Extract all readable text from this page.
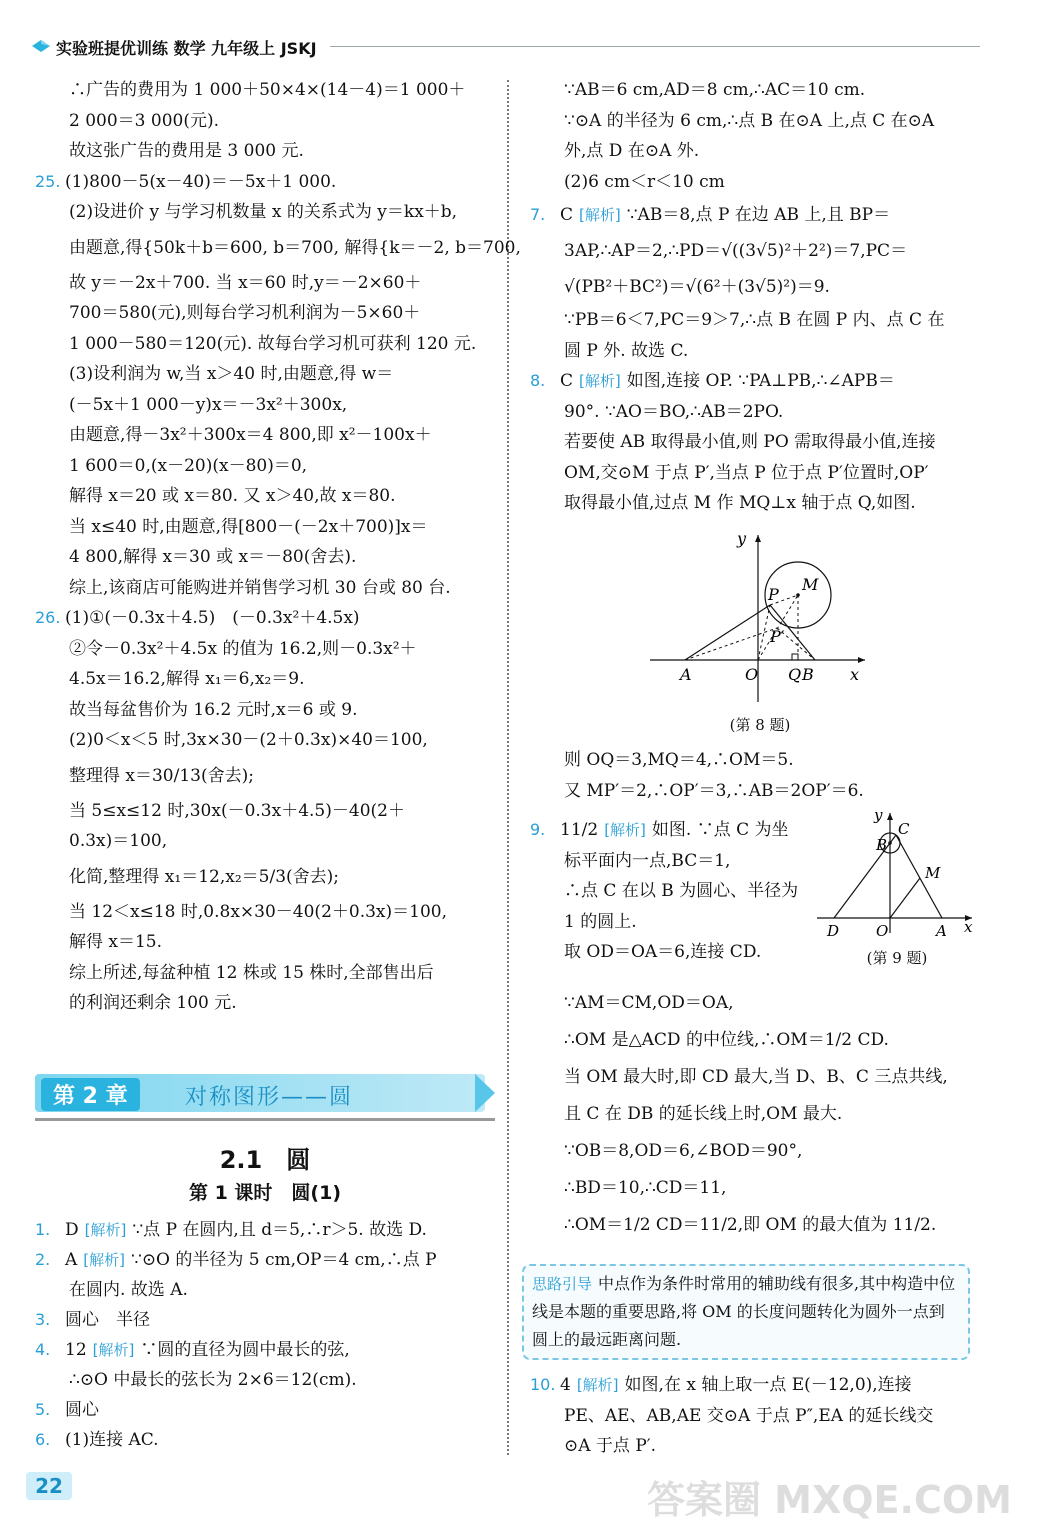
实验班提优训练 数学 九年级上 JSKJ
∴广告的费用为 1 000＋50×4×(14－4)＝1 000＋
2 000＝3 000(元).
故这张广告的费用是 3 000 元.
25. (1)800－5(x－40)＝－5x＋1 000.
(2)设进价 y 与学习机数量 x 的关系式为 y＝kx＋b,
由题意,得{50k＋b＝600, b＝700, 解得{k＝－2, b＝700,
故 y＝－2x＋700. 当 x＝60 时,y＝－2×60＋
700＝580(元),则每台学习机利润为－5×60＋
1 000－580＝120(元). 故每台学习机可获利 120 元.
(3)设利润为 w,当 x＞40 时,由题意,得 w＝
(－5x＋1 000－y)x＝－3x²＋300x,
由题意,得－3x²＋300x＝4 800,即 x²－100x＋
1 600＝0,(x－20)(x－80)＝0,
解得 x＝20 或 x＝80. 又 x＞40,故 x＝80.
当 x≤40 时,由题意,得[800－(－2x＋700)]x＝
4 800,解得 x＝30 或 x＝－80(舍去).
综上,该商店可能购进并销售学习机 30 台或 80 台.
26. (1)①(－0.3x＋4.5)　(－0.3x²＋4.5x)
②令－0.3x²＋4.5x 的值为 16.2,则－0.3x²＋
4.5x＝16.2,解得 x₁＝6,x₂＝9.
故当每盆售价为 16.2 元时,x＝6 或 9.
(2)0＜x＜5 时,3x×30－(2＋0.3x)×40＝100,
整理得 x＝30/13(舍去);
当 5≤x≤12 时,30x(－0.3x＋4.5)－40(2＋
0.3x)＝100,
化简,整理得 x₁＝12,x₂＝5/3(舍去);
当 12＜x≤18 时,0.8x×30－40(2＋0.3x)＝100,
解得 x＝15.
综上所述,每盆种植 12 株或 15 株时,全部售出后
的利润还剩余 100 元.
第 2 章	对称图形——圆
2.1　圆
第 1 课时　圆(1)
1. D [解析] ∵点 P 在圆内,且 d＝5,∴r＞5. 故选 D.
2. A [解析] ∵⊙O 的半径为 5 cm,OP＝4 cm,∴点 P
在圆内. 故选 A.
3. 圆心　半径
4. 12 [解析] ∵圆的直径为圆中最长的弦,
∴⊙O 中最长的弦长为 2×6＝12(cm).
5. 圆心
6. (1)连接 AC.
∵AB＝6 cm,AD＝8 cm,∴AC＝10 cm.
∵⊙A 的半径为 6 cm,∴点 B 在⊙A 上,点 C 在⊙A
外,点 D 在⊙A 外.
(2)6 cm＜r＜10 cm
7. C [解析] ∵AB＝8,点 P 在边 AB 上,且 BP＝
3AP,∴AP＝2,∴PD＝√((3√5)²＋2²)＝7,PC＝
√(PB²＋BC²)＝√(6²＋(3√5)²)＝9.
∵PB＝6＜7,PC＝9＞7,∴点 B 在圆 P 内、点 C 在
圆 P 外. 故选 C.
8. C [解析] 如图,连接 OP. ∵PA⊥PB,∴∠APB＝
90°. ∵AO＝BO,∴AB＝2PO.
若要使 AB 取得最小值,则 PO 需取得最小值,连接
OM,交⊙M 于点 P′,当点 P 位于点 P′位置时,OP′
取得最小值,过点 M 作 MQ⊥x 轴于点 Q,如图.
y
P
M
P′
A	O Q B x
(第 8 题)
则 OQ＝3,MQ＝4,∴OM＝5.
又 MP′＝2,∴OP′＝3,∴AB＝2OP′＝6.
9. 11/2 [解析] 如图. ∵点 C 为坐
标平面内一点,BC＝1,
∴点 C 在以 B 为圆心、半径为
1 的圆上.
取 OD＝OA＝6,连接 CD.
y
C
B
M
D O	A x
(第 9 题)
∵AM＝CM,OD＝OA,
∴OM 是△ACD 的中位线,∴OM＝1/2 CD.
当 OM 最大时,即 CD 最大,当 D、B、C 三点共线,
且 C 在 DB 的延长线上时,OM 最大.
∵OB＝8,OD＝6,∠BOD＝90°,
∴BD＝10,∴CD＝11,
∴OM＝1/2 CD＝11/2,即 OM 的最大值为 11/2.
思路引导 中点作为条件时常用的辅助线有很多,其中构造中位线是本题的重要思路,将 OM 的长度问题转化为圆外一点到圆上的最远距离问题.
10. 4 [解析] 如图,在 x 轴上取一点 E(－12,0),连接
PE、AE、AB,AE 交⊙A 于点 P″,EA 的延长线交
⊙A 于点 P′.
22	答案圈 MXQE.COM
